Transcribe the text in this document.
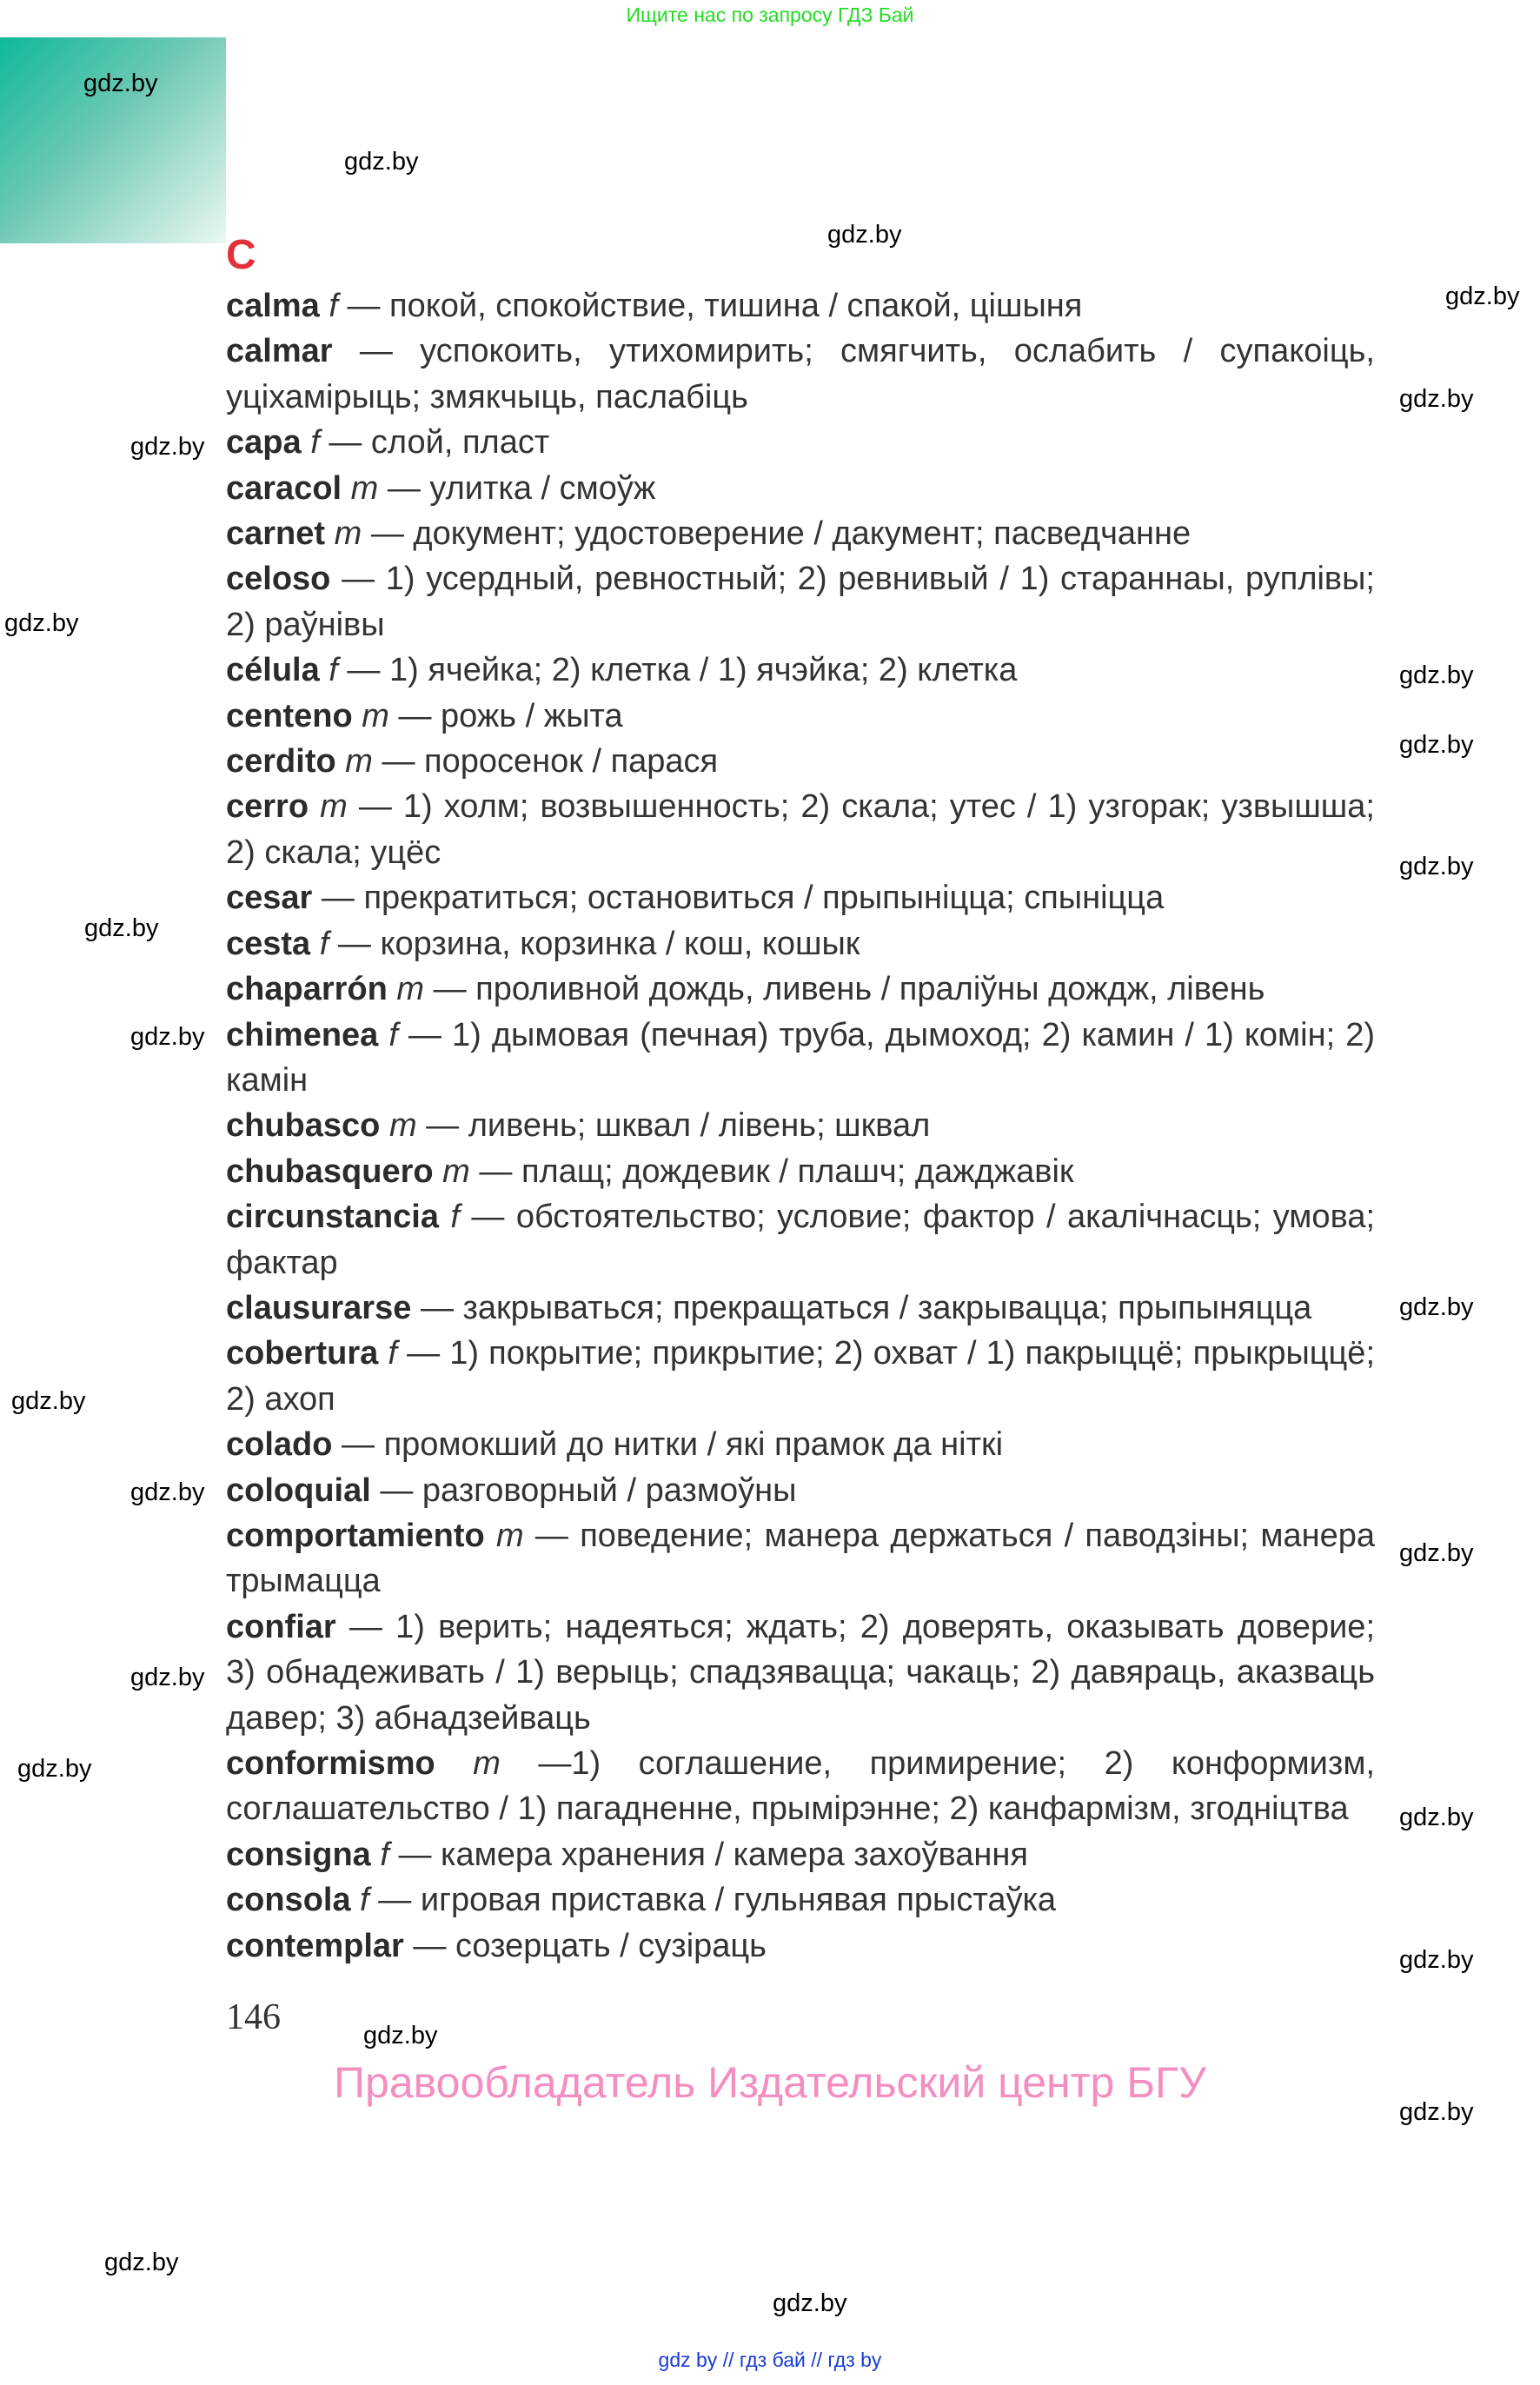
Ищите нас по запросу ГДЗ Бай
C

calma f — покой, спокойствие, тишина / спакой, цішыня

calmar — успокоить, утихомирить; смягчить, ослабить / супакоіць, уціхамірыць; змякчыць, паслабіць

capa f — слой, пласт

caracol m — улитка / смоўж

carnet m — документ; удостоверение / дакумент; пасведчанне

celoso — 1) усердный, ревностный; 2) ревнивый / 1) стараннаы, руплівы; 2) раўнівы

célula f — 1) ячейка; 2) клетка / 1) ячэйка; 2) клетка

centeno m — рожь / жыта

cerdito m — поросенок / парася

cerro m — 1) холм; возвышенность; 2) скала; утес / 1) узгорак; узвышша; 2) скала; уцёс

cesar — прекратиться; остановиться / прыпыніцца; спыніцца

cesta f — корзина, корзинка / кош, кошык

chaparrón m — проливной дождь, ливень / праліўны дождж, лівень

chimenea f — 1) дымовая (печная) труба, дымоход; 2) камин / 1) комін; 2) камін

chubasco m — ливень; шквал / лівень; шквал

chubasquero m — плащ; дождевик / плашч; дажджавік

circunstancia f — обстоятельство; условие; фактор / акалічнасць; умова; фактар

clausurarse — закрываться; прекращаться / закрывацца; прыпыняцца

cobertura f — 1) покрытие; прикрытие; 2) охват / 1) пакрыццё; прыкрыццё; 2) ахоп

colado — промокший до нитки / які прамок да ніткі

coloquial — разговорный / размоўны

comportamiento m — поведение; манера держаться / паводзіны; манера трымацца

confiar — 1) верить; надеяться; ждать; 2) доверять, оказывать доверие; 3) обнадеживать / 1) верыць; спадзявацца; чакаць; 2) давяраць, аказваць давер; 3) абнадзейваць

conformismo m —1) соглашение, примирение; 2) конформизм, соглашательство / 1) пагадненне, прымірэнне; 2) канфармізм, згодніцтва

consigna f — камера хранения / камера захоўвання

consola f — игровая приставка / гульнявая прыстаўка

contemplar — созерцать / сузіраць

146	gdz.by
Правообладатель Издательский центр БГУ
gdz.by
gdz.by
gdz.by
gdz.by
gdz.by
gdz.by
gdz.by
gdz.by
gdz.by
gdz.by
gdz.by
gdz.by
gdz.by
gdz.by
gdz.by
gdz.by
gdz.by
gdz.by
gdz.by
gdz.by
gdz.by
gdz.by
gdz.by
gdz by // гдз бай // гдз by
